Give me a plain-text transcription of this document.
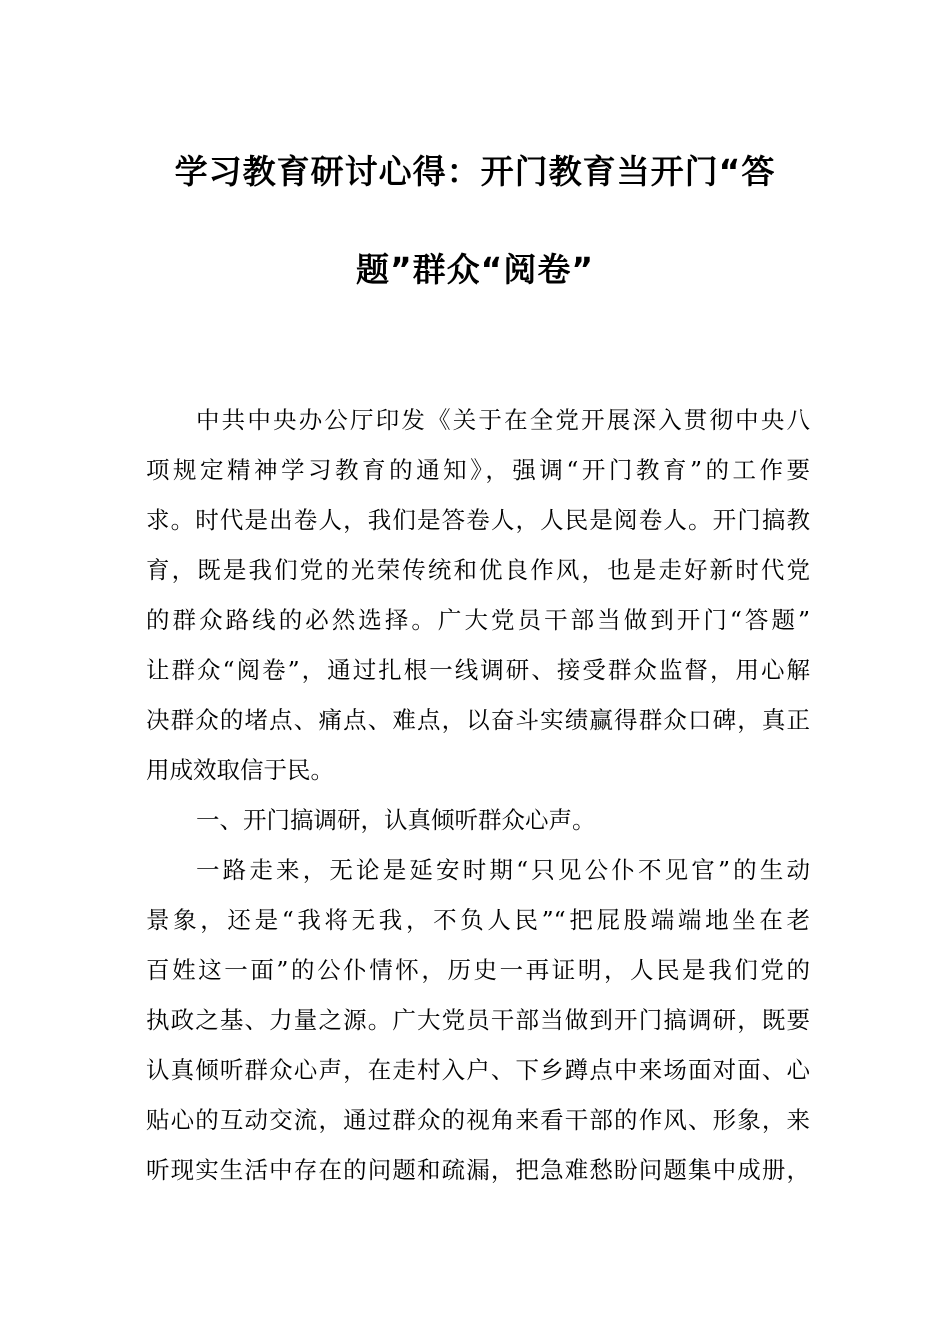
学习教育研讨心得：开门教育当开门“答
题”群众“阅卷”
中共中央办公厅印发《关于在全党开展深入贯彻中央八
项规定精神学习教育的通知》，强调“开门教育”的工作要
求。时代是出卷人，我们是答卷人，人民是阅卷人。开门搞教
育，既是我们党的光荣传统和优良作风，也是走好新时代党
的群众路线的必然选择。广大党员干部当做到开门“答题”
让群众“阅卷”，通过扎根一线调研、接受群众监督，用心解
决群众的堵点、痛点、难点，以奋斗实绩赢得群众口碑，真正
用成效取信于民。
一、开门搞调研，认真倾听群众心声。
一路走来，无论是延安时期“只见公仆不见官”的生动
景象，还是“我将无我，不负人民”“把屁股端端地坐在老
百姓这一面”的公仆情怀，历史一再证明，人民是我们党的
执政之基、力量之源。广大党员干部当做到开门搞调研，既要
认真倾听群众心声，在走村入户、下乡蹲点中来场面对面、心
贴心的互动交流，通过群众的视角来看干部的作风、形象，来
听现实生活中存在的问题和疏漏，把急难愁盼问题集中成册，
